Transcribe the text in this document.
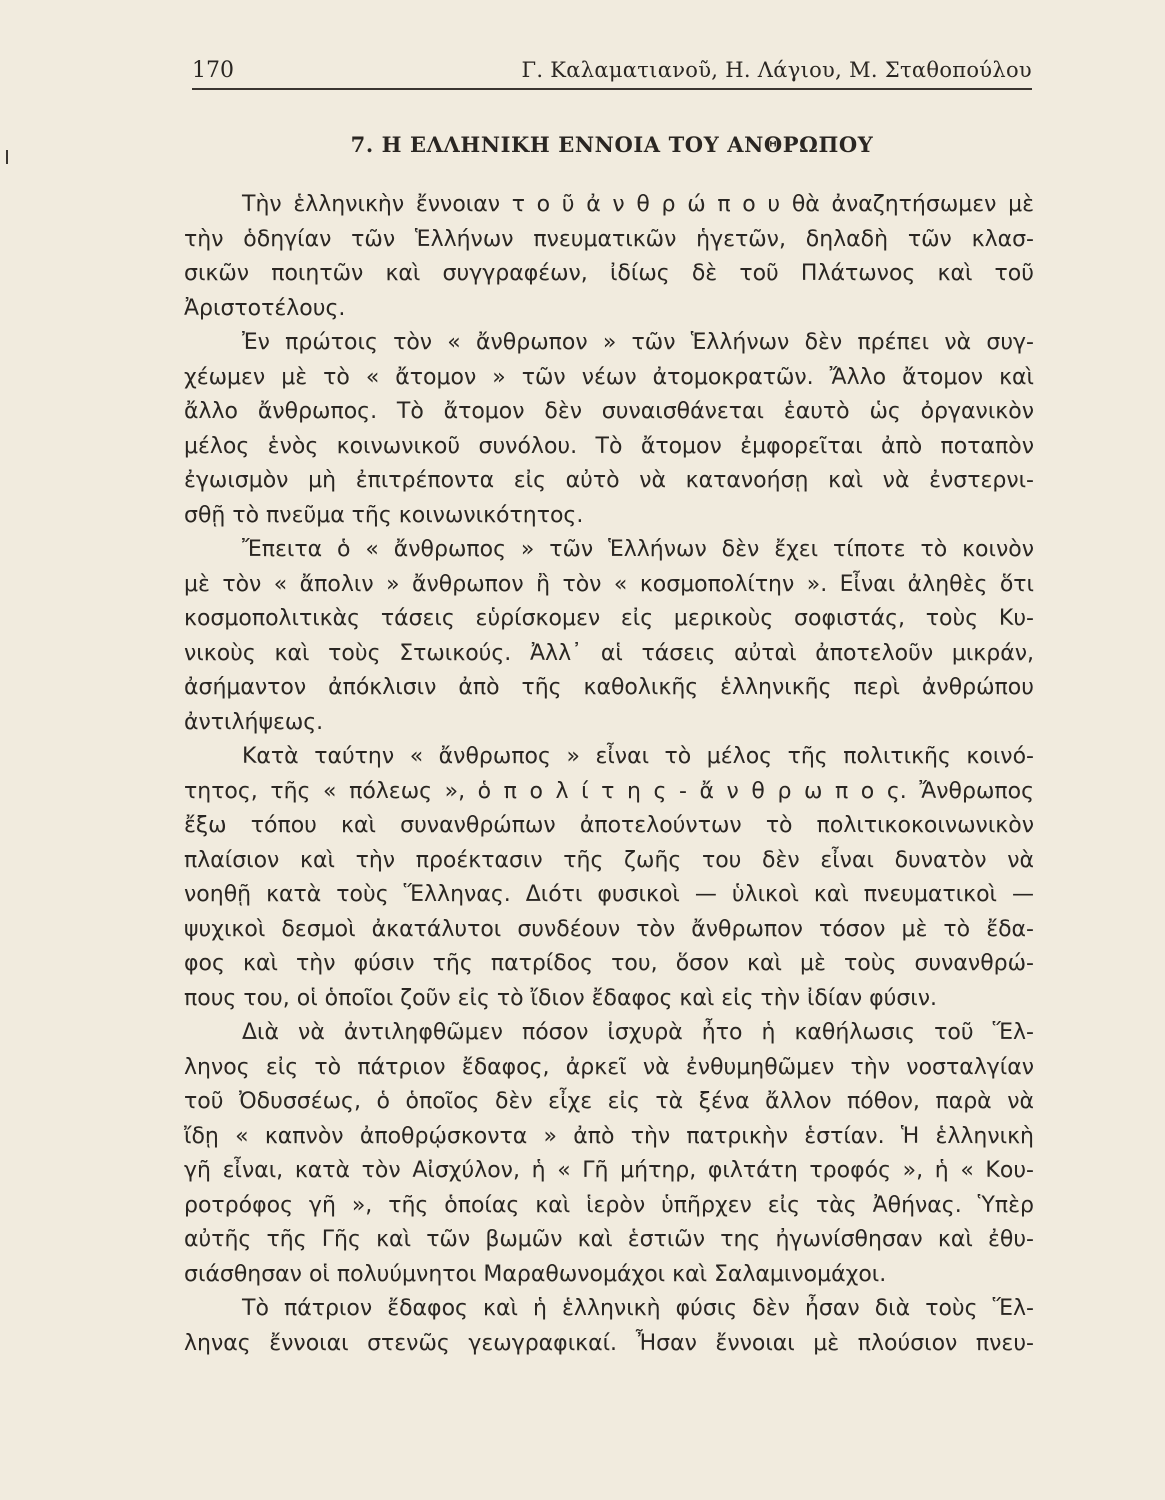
170	Γ. Καλαματιανοῦ, Η. Λάγιου, Μ. Σταθοπούλου
7. Η ΕΛΛΗΝΙΚΗ ΕΝΝΟΙΑ ΤΟΥ ΑΝΘΡΩΠΟΥ
Τὴν ἑλληνικὴν ἔννοιαν τ ο ῦ ἀ ν θ ρ ώ π ο υ θὰ ἀναζητήσωμεν μὲ
τὴν ὁδηγίαν τῶν Ἑλλήνων πνευματικῶν ἡγετῶν, δηλαδὴ τῶν κλασ-
σικῶν ποιητῶν καὶ συγγραφέων, ἰδίως δὲ τοῦ Πλάτωνος καὶ τοῦ
Ἀριστοτέλους.
Ἐν πρώτοις τὸν « ἄνθρωπον » τῶν Ἑλλήνων δὲν πρέπει νὰ συγ-
χέωμεν μὲ τὸ « ἄτομον » τῶν νέων ἀτομοκρατῶν. Ἄλλο ἄτομον καὶ
ἄλλο ἄνθρωπος. Τὸ ἄτομον δὲν συναισθάνεται ἑαυτὸ ὡς ὀργανικὸν
μέλος ἑνὸς κοινωνικοῦ συνόλου. Τὸ ἄτομον ἐμφορεῖται ἀπὸ ποταπὸν
ἐγωισμὸν μὴ ἐπιτρέποντα εἰς αὐτὸ νὰ κατανοήσῃ καὶ νὰ ἐνστερνι-
σθῇ τὸ πνεῦμα τῆς κοινωνικότητος.
Ἔπειτα ὁ « ἄνθρωπος » τῶν Ἑλλήνων δὲν ἔχει τίποτε τὸ κοινὸν
μὲ τὸν « ἄπολιν » ἄνθρωπον ἢ τὸν « κοσμοπολίτην ». Εἶναι ἀληθὲς ὅτι
κοσμοπολιτικὰς τάσεις εὑρίσκομεν εἰς μερικοὺς σοφιστάς, τοὺς Κυ-
νικοὺς καὶ τοὺς Στωικούς. Ἀλλ᾽ αἱ τάσεις αὐταὶ ἀποτελοῦν μικράν,
ἀσήμαντον ἀπόκλισιν ἀπὸ τῆς καθολικῆς ἑλληνικῆς περὶ ἀνθρώπου
ἀντιλήψεως.
Κατὰ ταύτην « ἄνθρωπος » εἶναι τὸ μέλος τῆς πολιτικῆς κοινό-
τητος, τῆς « πόλεως », ὁ π ο λ ί τ η ς - ἄ ν θ ρ ω π ο ς. Ἄνθρωπος
ἔξω τόπου καὶ συνανθρώπων ἀποτελούντων τὸ πολιτικοκοινωνικὸν
πλαίσιον καὶ τὴν προέκτασιν τῆς ζωῆς του δὲν εἶναι δυνατὸν νὰ
νοηθῇ κατὰ τοὺς Ἕλληνας. Διότι φυσικοὶ — ὑλικοὶ καὶ πνευματικοὶ —
ψυχικοὶ δεσμοὶ ἀκατάλυτοι συνδέουν τὸν ἄνθρωπον τόσον μὲ τὸ ἔδα-
φος καὶ τὴν φύσιν τῆς πατρίδος του, ὅσον καὶ μὲ τοὺς συνανθρώ-
πους του, οἱ ὁποῖοι ζοῦν εἰς τὸ ἴδιον ἔδαφος καὶ εἰς τὴν ἰδίαν φύσιν.
Διὰ νὰ ἀντιληφθῶμεν πόσον ἰσχυρὰ ἦτο ἡ καθήλωσις τοῦ Ἕλ-
ληνος εἰς τὸ πάτριον ἔδαφος, ἀρκεῖ νὰ ἐνθυμηθῶμεν τὴν νοσταλγίαν
τοῦ Ὀδυσσέως, ὁ ὁποῖος δὲν εἶχε εἰς τὰ ξένα ἄλλον πόθον, παρὰ νὰ
ἴδῃ « καπνὸν ἀποθρῴσκοντα » ἀπὸ τὴν πατρικὴν ἑστίαν. Ἡ ἑλληνικὴ
γῆ εἶναι, κατὰ τὸν Αἰσχύλον, ἡ « Γῆ μήτηρ, φιλτάτη τροφός », ἡ « Κου-
ροτρόφος γῆ », τῆς ὁποίας καὶ ἱερὸν ὑπῆρχεν εἰς τὰς Ἀθήνας. Ὑπὲρ
αὐτῆς τῆς Γῆς καὶ τῶν βωμῶν καὶ ἑστιῶν της ἠγωνίσθησαν καὶ ἐθυ-
σιάσθησαν οἱ πολυύμνητοι Μαραθωνομάχοι καὶ Σαλαμινομάχοι.
Τὸ πάτριον ἔδαφος καὶ ἡ ἑλληνικὴ φύσις δὲν ἦσαν διὰ τοὺς Ἕλ-
ληνας ἔννοιαι στενῶς γεωγραφικαί. Ἦσαν ἔννοιαι μὲ πλούσιον πνευ-
